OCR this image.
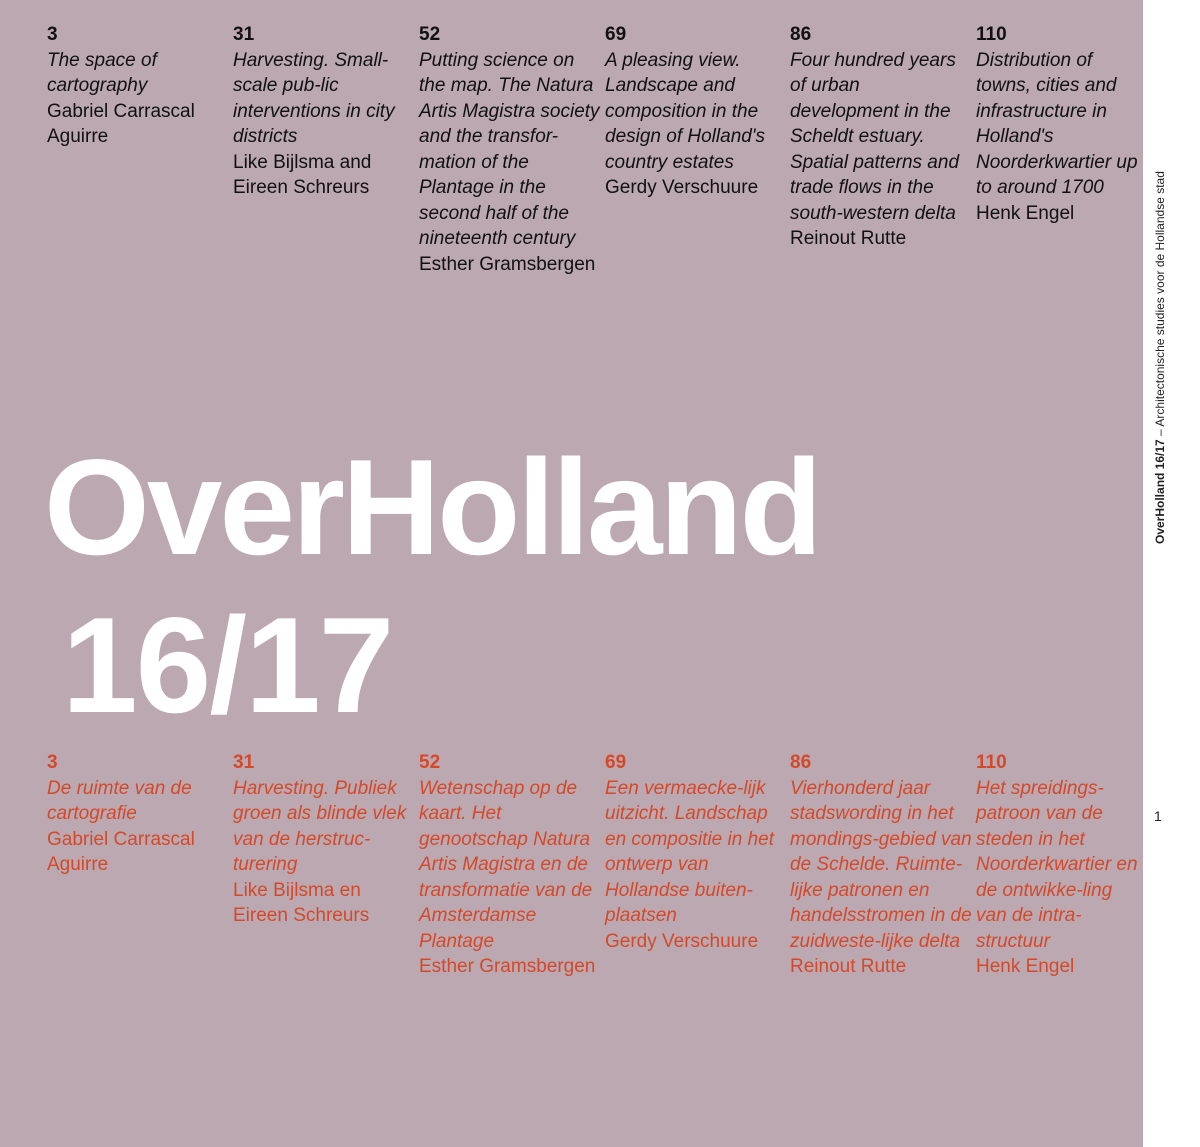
3
The space of cartography
Gabriel Carrascal Aguirre
31
Harvesting. Small-scale pub-lic interventions in city districts
Like Bijlsma and Eireen Schreurs
52
Putting science on the map. The Natura Artis Magistra society and the transfor-mation of the Plantage in the second half of the nineteenth century
Esther Gramsbergen
69
A pleasing view. Landscape and composition in the design of Holland's country estates
Gerdy Verschuure
86
Four hundred years of urban development in the Scheldt estuary. Spatial patterns and trade flows in the south-western delta
Reinout Rutte
110
Distribution of towns, cities and infrastructure in Holland's Noorderkwartier up to around 1700
Henk Engel
OverHolland
16/17
3
De ruimte van de cartografie
Gabriel Carrascal Aguirre
31
Harvesting. Publiek groen als blinde vlek van de herstruc-turering
Like Bijlsma en Eireen Schreurs
52
Wetenschap op de kaart. Het genootschap Natura Artis Magistra en de transformatie van de Amsterdamse Plantage
Esther Gramsbergen
69
Een vermaecke-lijk uitzicht. Landschap en compositie in het ontwerp van Hollandse buiten-plaatsen
Gerdy Verschuure
86
Vierhonderd jaar stadswording in het mondings-gebied van de Schelde. Ruimte-lijke patronen en handelsstromen in de zuidweste-lijke delta
Reinout Rutte
110
Het spreidings-patroon van de steden in het Noorderkwartier en de ontwikke-ling van de intra-structuur
Henk Engel
OverHolland 16/17 – Architectonische studies voor de Hollandse stad
1
